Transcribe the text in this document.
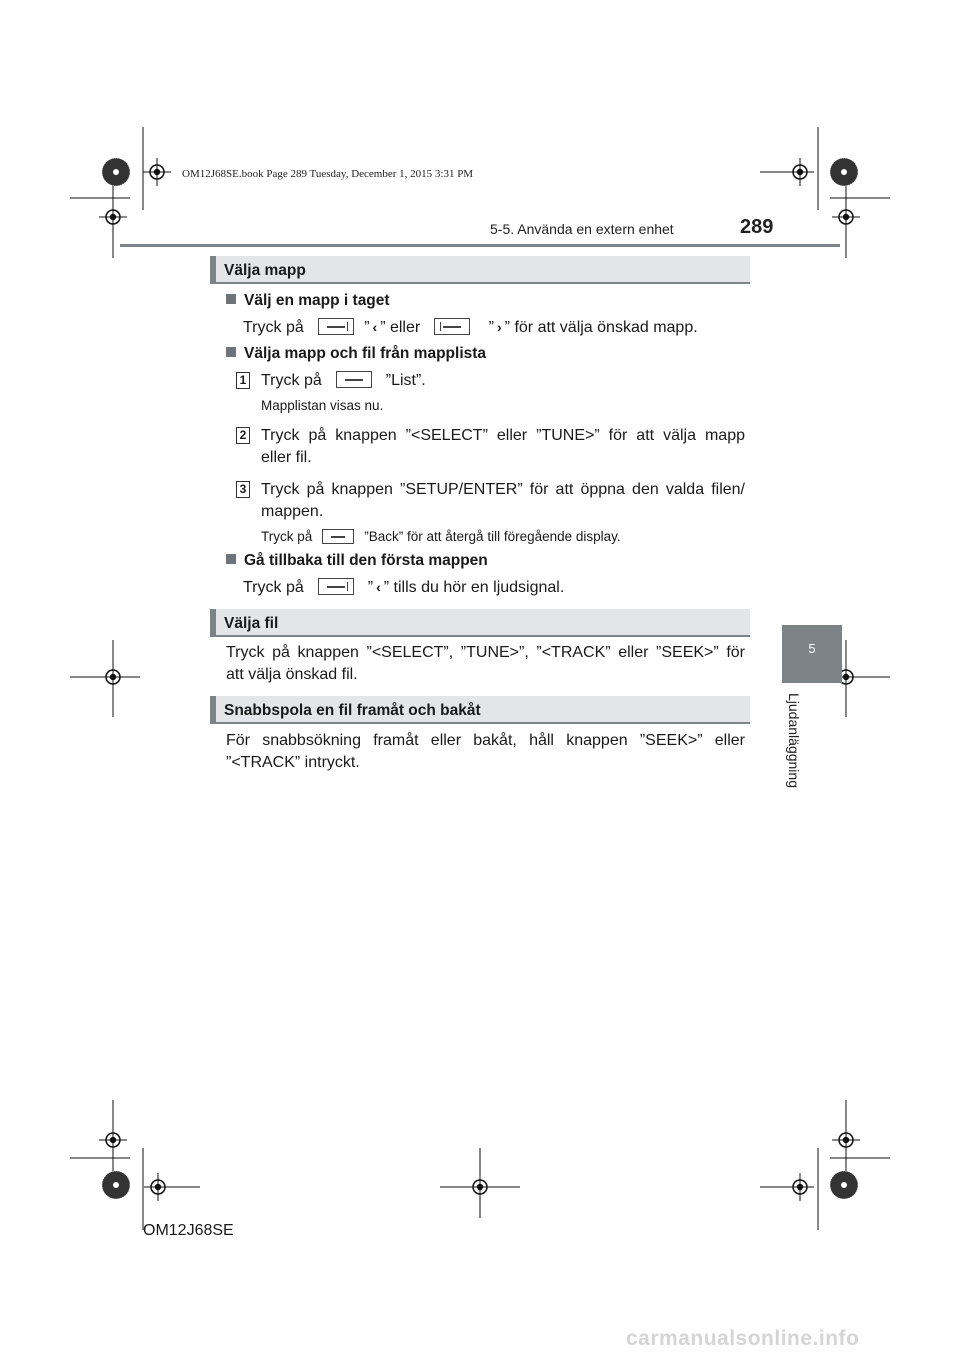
OM12J68SE.book Page 289 Tuesday, December 1, 2015 3:31 PM
5-5. Använda en extern enhet	289
5
Ljudanläggning
Välja mapp
Välj en mapp i taget
Tryck på	” ‹ ” eller	” › ” för att välja önskad mapp.
Välja mapp och fil från mapplista
1 Tryck på	”List”.
Mapplistan visas nu.
2 Tryck på knappen ”<SELECT” eller ”TUNE>” för att välja mapp
eller fil.
3 Tryck på knappen ”SETUP/ENTER” för att öppna den valda filen/
mappen.
Tryck på	”Back” för att återgå till föregående display.
Gå tillbaka till den första mappen
Tryck på	” ‹ ” tills du hör en ljudsignal.
Välja fil
Tryck på knappen ”<SELECT”, ”TUNE>”, ”<TRACK” eller ”SEEK>” för
att välja önskad fil.
Snabbspola en fil framåt och bakåt
För snabbsökning framåt eller bakåt, håll knappen ”SEEK>” eller
”<TRACK” intryckt.
OM12J68SE
carmanualsonline.info
